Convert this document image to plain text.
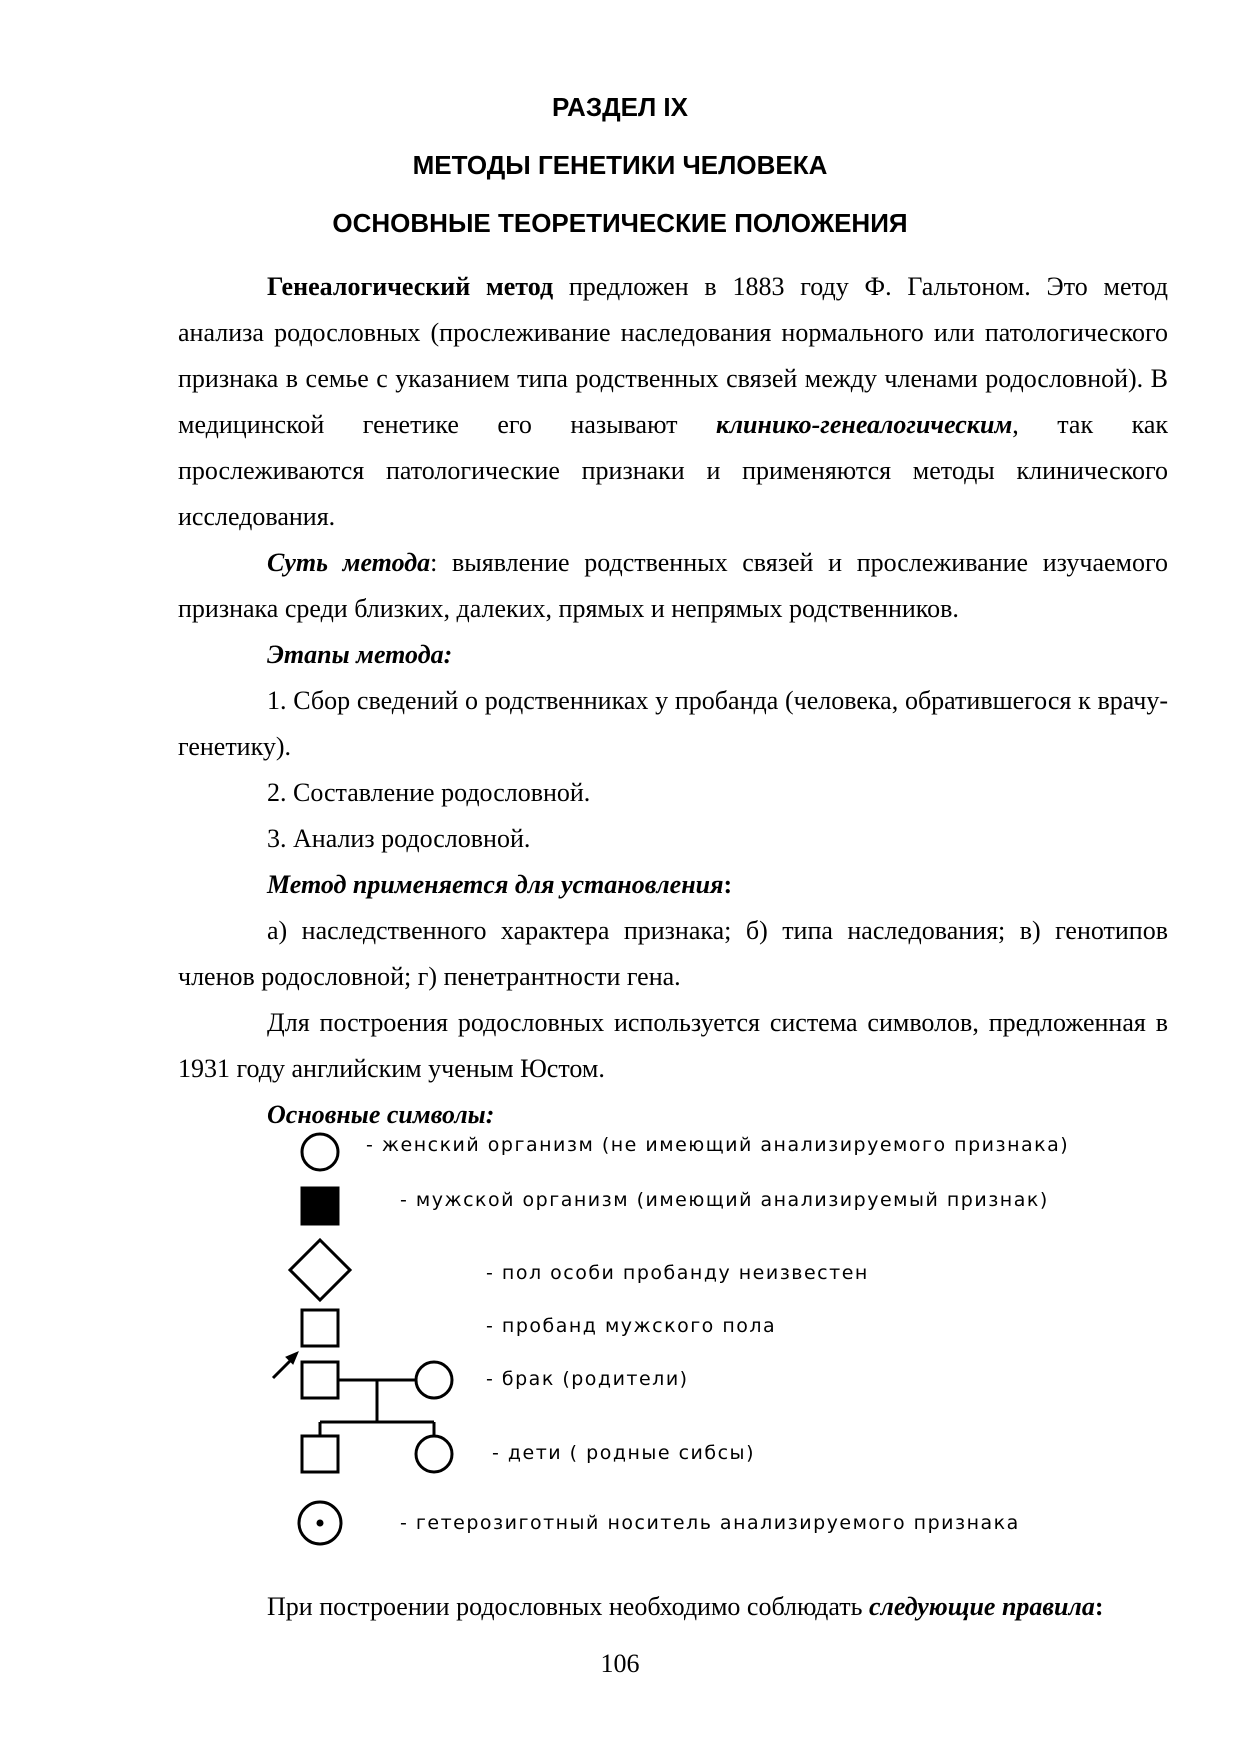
РАЗДЕЛ IX
МЕТОДЫ ГЕНЕТИКИ ЧЕЛОВЕКА
ОСНОВНЫЕ ТЕОРЕТИЧЕСКИЕ ПОЛОЖЕНИЯ

Генеалогический метод предложен в 1883 году Ф. Гальтоном. Это метод анализа родословных (прослеживание наследования нормального или патологического признака в семье с указанием типа родственных связей между членами родословной). В медицинской генетике его называют клинико-генеалогическим, так как прослеживаются патологические признаки и применяются методы клинического исследования.

Суть метода: выявление родственных связей и прослеживание изучаемого признака среди близких, далеких, прямых и непрямых родственников.

Этапы метода:

1. Сбор сведений о родственниках у пробанда (человека, обратившегося к врачу-генетику).

2. Составление родословной.

3. Анализ родословной.

Метод применяется для установления:

а) наследственного характера признака; б) типа наследования; в) генотипов членов родословной; г) пенетрантности гена.

Для построения родословных используется система символов, предложенная в 1931 году английским ученым Юстом.

Основные символы:

- женский организм (не имеющий анализируемого признака)
- мужской организм (имеющий анализируемый признак)
- пол особи пробанду неизвестен
- пробанд мужского пола
- брак (родители)
- дети ( родные сибсы)
- гетерозиготный носитель анализируемого признака
При построении родословных необходимо соблюдать следующие правила:
106
